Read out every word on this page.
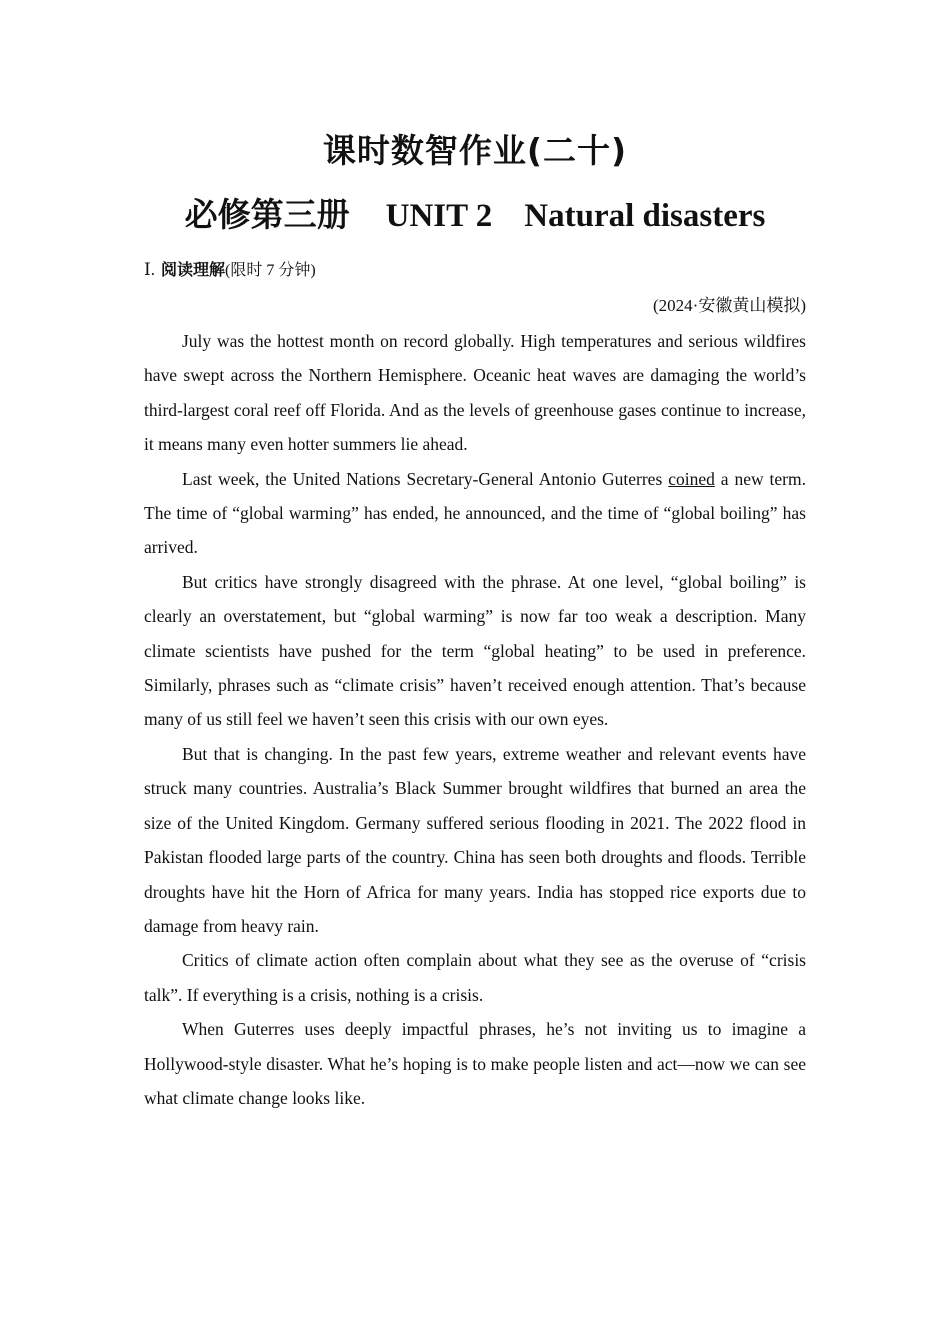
课时数智作业(二十)
必修第三册 UNIT 2 Natural disasters

Ⅰ. 阅读理解(限时 7 分钟)

(2024·安徽黄山模拟)

July was the hottest month on record globally. High temperatures and serious wildfires have swept across the Northern Hemisphere. Oceanic heat waves are damaging the world’s third-largest coral reef off Florida. And as the levels of greenhouse gases continue to increase, it means many even hotter summers lie ahead.

Last week, the United Nations Secretary-General Antonio Guterres coined a new term. The time of “global warming” has ended, he announced, and the time of “global boiling” has arrived.

But critics have strongly disagreed with the phrase. At one level, “global boiling” is clearly an overstatement, but “global warming” is now far too weak a description. Many climate scientists have pushed for the term “global heating” to be used in preference. Similarly, phrases such as “climate crisis” haven’t received enough attention. That’s because many of us still feel we haven’t seen this crisis with our own eyes.

But that is changing. In the past few years, extreme weather and relevant events have struck many countries. Australia’s Black Summer brought wildfires that burned an area the size of the United Kingdom. Germany suffered serious flooding in 2021. The 2022 flood in Pakistan flooded large parts of the country. China has seen both droughts and floods. Terrible droughts have hit the Horn of Africa for many years. India has stopped rice exports due to damage from heavy rain.

Critics of climate action often complain about what they see as the overuse of “crisis talk”. If everything is a crisis, nothing is a crisis.

When Guterres uses deeply impactful phrases, he’s not inviting us to imagine a Hollywood-style disaster. What he’s hoping is to make people listen and act—now we can see what climate change looks like.
